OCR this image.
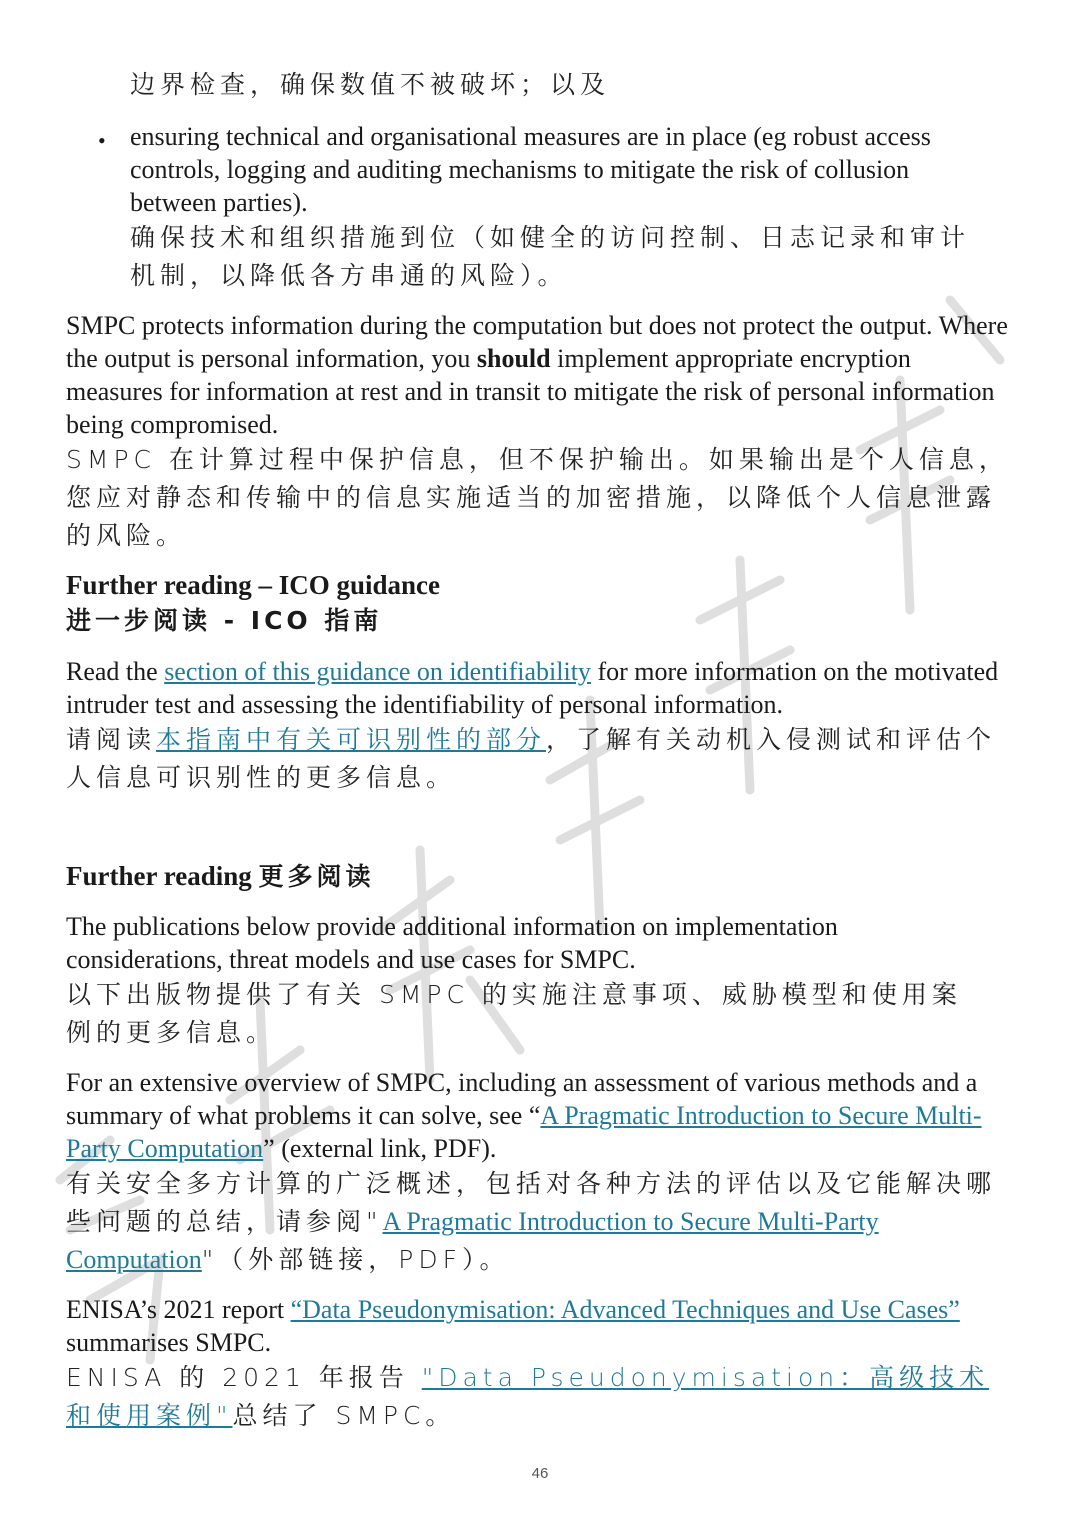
边界检查，确保数值不被破坏；以及

• ensuring technical and organisational measures are in place (eg robust access controls, logging and auditing mechanisms to mitigate the risk of collusion between parties).

确保技术和组织措施到位（如健全的访问控制、日志记录和审计机制，以降低各方串通的风险）。

SMPC protects information during the computation but does not protect the output. Where the output is personal information, you should implement appropriate encryption measures for information at rest and in transit to mitigate the risk of personal information being compromised.

SMPC 在计算过程中保护信息，但不保护输出。如果输出是个人信息，您应对静态和传输中的信息实施适当的加密措施，以降低个人信息泄露的风险。

Further reading – ICO guidance

进一步阅读 - ICO 指南

Read the section of this guidance on identifiability for more information on the motivated intruder test and assessing the identifiability of personal information.

请阅读本指南中有关可识别性的部分，了解有关动机入侵测试和评估个人信息可识别性的更多信息。

Further reading 更多阅读

The publications below provide additional information on implementation considerations, threat models and use cases for SMPC.

以下出版物提供了有关 SMPC 的实施注意事项、威胁模型和使用案例的更多信息。

For an extensive overview of SMPC, including an assessment of various methods and a summary of what problems it can solve, see “A Pragmatic Introduction to Secure Multi-Party Computation” (external link, PDF).

有关安全多方计算的广泛概述，包括对各种方法的评估以及它能解决哪些问题的总结，请参阅"A Pragmatic Introduction to Secure Multi-Party Computation"（外部链接，PDF）。

ENISA’s 2021 report “Data Pseudonymisation: Advanced Techniques and Use Cases” summarises SMPC.

ENISA 的 2021 年报告 "Data Pseudonymisation：高级技术和使用案例"总结了 SMPC。

46
